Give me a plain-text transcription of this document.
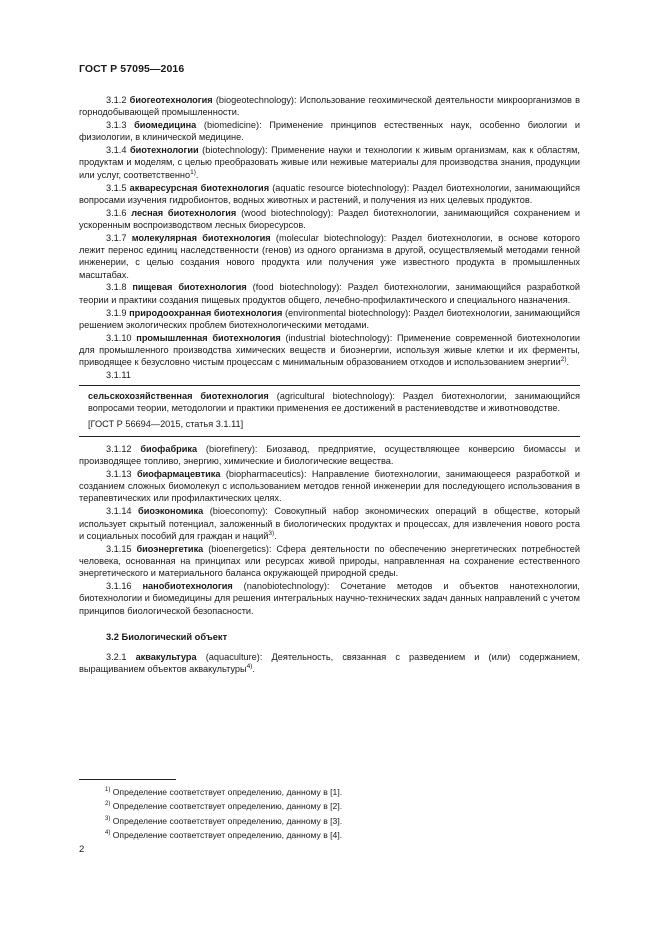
ГОСТ Р 57095—2016

3.1.2 биогеотехнология (biogeotechnology): Использование геохимической деятельности микроорганизмов в горнодобывающей промышленности.

3.1.3 биомедицина (biomedicine): Применение принципов естественных наук, особенно биологии и физиологии, в клинической медицине.

3.1.4 биотехнологии (biotechnology): Применение науки и технологии к живым организмам, как к областям, продуктам и моделям, с целью преобразовать живые или неживые материалы для производства знания, продукции или услуг, соответственно$^{1)}$.

3.1.5 аквaресурсная биотехнология (aquatic resource biotechnology): Раздел биотехнологии, занимающийся вопросами изучения гидробионтов, водных животных и растений, и получения из них целевых продуктов.

3.1.6 лесная биотехнология (wood biotechnology): Раздел биотехнологии, занимающийся сохранением и ускоренным воспроизводством лесных биоресурсов.

3.1.7 молекулярная биотехнология (molecular biotechnology): Раздел биотехнологии, в основе которого лежит перенос единиц наследственности (генов) из одного организма в другой, осуществляемый методами генной инженерии, с целью создания нового продукта или получения уже известного продукта в промышленных масштабах.

3.1.8 пищевая биотехнология (food biotechnology): Раздел биотехнологии, занимающийся разработкой теории и практики создания пищевых продуктов общего, лечебно-профилактического и специального назначения.

3.1.9 природоохранная биотехнология (environmental biotechnology): Раздел биотехнологии, занимающийся решением экологических проблем биотехнологическими методами.

3.1.10 промышленная биотехнология (industrial biotechnology): Применение современной биотехнологии для промышленного производства химических веществ и биоэнергии, используя живые клетки и их ферменты, приводящее к безусловно чистым процессам с минимальным образованием отходов и использованием энергии$^{2)}$.

3.1.11

сельскохозяйственная биотехнология (agricultural biotechnology): Раздел биотехнологии, занимающийся вопросами теории, методологии и практики применения ее достижений в растениеводстве и животноводстве.

[ГОСТ Р 56694—2015, статья 3.1.11]

3.1.12 биофабрика (biorefinery): Биозавод, предприятие, осуществляющее конверсию биомассы и производящее топливо, энергию, химические и биологические вещества.

3.1.13 биофармацевтика (biopharmaceutics): Направление биотехнологии, занимающееся разработкой и созданием сложных биомолекул с использованием методов генной инженерии для последующего использования в терапевтических или профилактических целях.

3.1.14 биоэкономика (bioeconomy): Совокупный набор экономических операций в обществе, который использует скрытый потенциал, заложенный в биологических продуктах и процессах, для извлечения нового роста и социальных пособий для граждан и наций$^{3)}$.

3.1.15 биоэнергетика (bioenergetics): Сфера деятельности по обеспечению энергетических потребностей человека, основанная на принципах или ресурсах живой природы, направленная на сохранение естественного энергетического и материального баланса окружающей природной среды.

3.1.16 нанобиотехнология (nanobiotechnology): Сочетание методов и объектов нанотехнологии, биотехнологии и биомедицины для решения интегральных научно-технических задач данных направлений с учетом принципов биологической безопасности.

3.2 Биологический объект

3.2.1 аквакультура (aquaculture): Деятельность, связанная с разведением и (или) содержанием, выращиванием объектов аквакультуры$^{4)}$.

$^{1)}$ Определение соответствует определению, данному в [1].
$^{2)}$ Определение соответствует определению, данному в [2].
$^{3)}$ Определение соответствует определению, данному в [3].
$^{4)}$ Определение соответствует определению, данному в [4].
2
